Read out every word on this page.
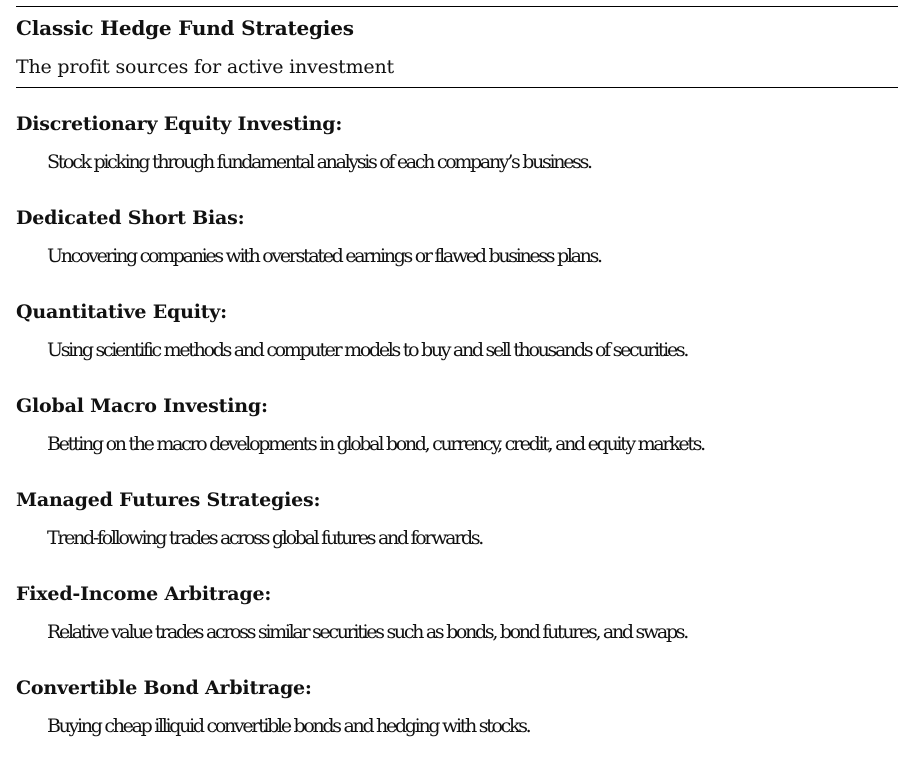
Classic Hedge Fund Strategies
The profit sources for active investment
Discretionary Equity Investing:
Stock picking through fundamental analysis of each company’s business.
Dedicated Short Bias:
Uncovering companies with overstated earnings or flawed business plans.
Quantitative Equity:
Using scientific methods and computer models to buy and sell thousands of securities.
Global Macro Investing:
Betting on the macro developments in global bond, currency, credit, and equity markets.
Managed Futures Strategies:
Trend-following trades across global futures and forwards.
Fixed-Income Arbitrage:
Relative value trades across similar securities such as bonds, bond futures, and swaps.
Convertible Bond Arbitrage:
Buying cheap illiquid convertible bonds and hedging with stocks.
